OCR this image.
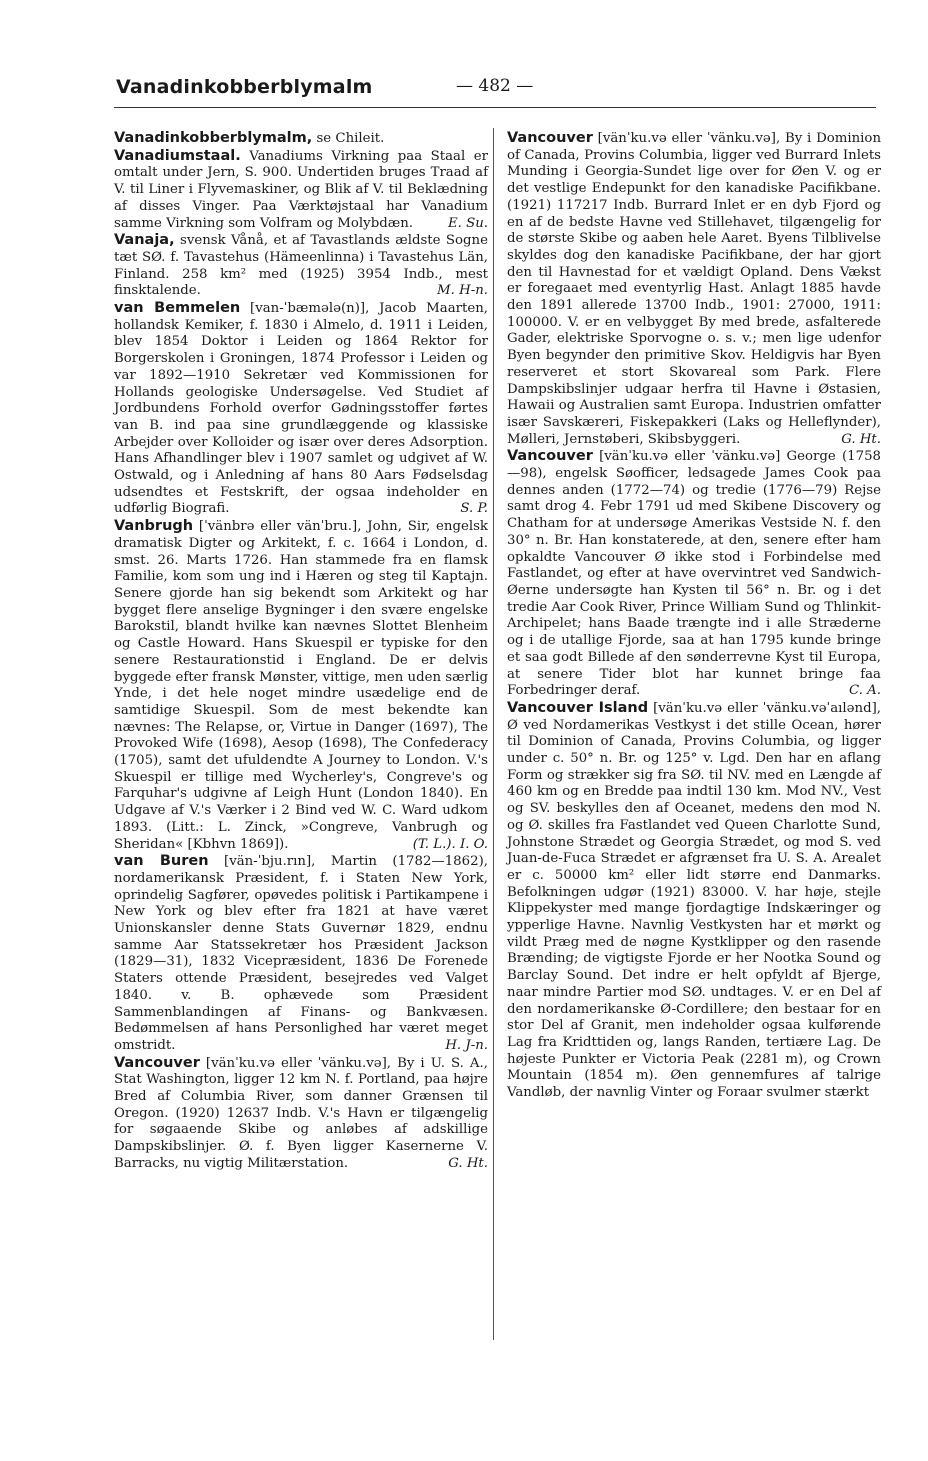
Vanadinkobberblymalm	— 482 —

Vanadinkobberblymalm, se Chileit.

Vanadiumstaal. Vanadiums Virkning paa Staal er omtalt under Jern, S. 900. Undertiden bruges Traad af V. til Liner i Flyvemaskiner, og Blik af V. til Beklædning af disses Vinger. Paa Værktøjstaal har Vanadium samme Virkning som Volfram og Molybdæn.	E. Su.

Vanaja, svensk Vånå, et af Tavastlands ældste Sogne tæt SØ. f. Tavastehus (Hämeenlinna) i Tavastehus Län, Finland. 258 km² med (1925) 3954 Indb., mest finsktalende.	M. H-n.

van Bemmelen [van-ˈbæmələ(n)], Jacob Maarten, hollandsk Kemiker, f. 1830 i Almelo, d. 1911 i Leiden, blev 1854 Doktor i Leiden og 1864 Rektor for Borgerskolen i Groningen, 1874 Professor i Leiden og var 1892—1910 Sekretær ved Kommissionen for Hollands geologiske Undersøgelse. Ved Studiet af Jordbundens Forhold overfor Gødningsstoffer førtes van B. ind paa sine grundlæggende og klassiske Arbejder over Kolloider og især over deres Adsorption. Hans Afhandlinger blev i 1907 samlet og udgivet af W. Ostwald, og i Anledning af hans 80 Aars Fødselsdag udsendtes et Festskrift, der ogsaa indeholder en udførlig Biografi.	S. P.

Vanbrugh [ˈvänbrə eller vänˈbru.], John, Sir, engelsk dramatisk Digter og Arkitekt, f. c. 1664 i London, d. smst. 26. Marts 1726. Han stammede fra en flamsk Familie, kom som ung ind i Hæren og steg til Kaptajn. Senere gjorde han sig bekendt som Arkitekt og har bygget flere anselige Bygninger i den svære engelske Barokstil, blandt hvilke kan nævnes Slottet Blenheim og Castle Howard. Hans Skuespil er typiske for den senere Restaurationstid i England. De er delvis byggede efter fransk Mønster, vittige, men uden særlig Ynde, i det hele noget mindre usædelige end de samtidige Skuespil. Som de mest bekendte kan nævnes: The Relapse, or, Virtue in Danger (1697), The Provoked Wife (1698), Aesop (1698), The Confederacy (1705), samt det ufuldendte A Journey to London. V.'s Skuespil er tillige med Wycherley's, Congreve's og Farquhar's udgivne af Leigh Hunt (London 1840). En Udgave af V.'s Værker i 2 Bind ved W. C. Ward udkom 1893. (Litt.: L. Zinck, »Congreve, Vanbrugh og Sheridan« [Kbhvn 1869]).	(T. L.). I. O.

van Buren [vän-ˈbju.rın], Martin (1782—1862), nordamerikansk Præsident, f. i Staten New York, oprindelig Sagfører, opøvedes politisk i Partikampene i New York og blev efter fra 1821 at have været Unionskansler denne Stats Guvernør 1829, endnu samme Aar Statssekretær hos Præsident Jackson (1829—31), 1832 Vicepræsident, 1836 De Forenede Staters ottende Præsident, besejredes ved Valget 1840. v. B. ophævede som Præsident Sammenblandingen af Finans- og Bankvæsen. Bedømmelsen af hans Personlighed har været meget omstridt.	H. J-n.

Vancouver [vänˈku.və eller ˈvänku.və], By i U. S. A., Stat Washington, ligger 12 km N. f. Portland, paa højre Bred af Columbia River, som danner Grænsen til Oregon. (1920) 12637 Indb. V.'s Havn er tilgængelig for søgaaende Skibe og anløbes af adskillige Dampskibslinjer. Ø. f. Byen ligger Kasernerne V. Barracks, nu vigtig Militærstation.	G. Ht.

Vancouver [vänˈku.və eller ˈvänku.və], By i Dominion of Canada, Provins Columbia, ligger ved Burrard Inlets Munding i Georgia-Sundet lige over for Øen V. og er det vestlige Endepunkt for den kanadiske Pacifikbane. (1921) 117217 Indb. Burrard Inlet er en dyb Fjord og en af de bedste Havne ved Stillehavet, tilgængelig for de største Skibe og aaben hele Aaret. Byens Tilblivelse skyldes dog den kanadiske Pacifikbane, der har gjort den til Havnestad for et vældigt Opland. Dens Vækst er foregaaet med eventyrlig Hast. Anlagt 1885 havde den 1891 allerede 13700 Indb., 1901: 27000, 1911: 100000. V. er en velbygget By med brede, asfalterede Gader, elektriske Sporvogne o. s. v.; men lige udenfor Byen begynder den primitive Skov. Heldigvis har Byen reserveret et stort Skovareal som Park. Flere Dampskibslinjer udgaar herfra til Havne i Østasien, Hawaii og Australien samt Europa. Industrien omfatter især Savskæreri, Fiskepakkeri (Laks og Helleflynder), Mølleri, Jernstøberi, Skibsbyggeri.	G. Ht.

Vancouver [vänˈku.və eller ˈvänku.və] George (1758—98), engelsk Søofficer, ledsagede James Cook paa dennes anden (1772—74) og tredie (1776—79) Rejse samt drog 4. Febr 1791 ud med Skibene Discovery og Chatham for at undersøge Amerikas Vestside N. f. den 30° n. Br. Han konstaterede, at den, senere efter ham opkaldte Vancouver Ø ikke stod i Forbindelse med Fastlandet, og efter at have overvintret ved Sandwich-Øerne undersøgte han Kysten til 56° n. Br. og i det tredie Aar Cook River, Prince William Sund og Thlinkit-Archipelet; hans Baade trængte ind i alle Stræderne og i de utallige Fjorde, saa at han 1795 kunde bringe et saa godt Billede af den sønderrevne Kyst til Europa, at senere Tider blot har kunnet bringe faa Forbedringer deraf.	C. A.

Vancouver Island [vänˈku.və eller ˈvänku.vəˈaılənd], Ø ved Nordamerikas Vestkyst i det stille Ocean, hører til Dominion of Canada, Provins Columbia, og ligger under c. 50° n. Br. og 125° v. Lgd. Den har en aflang Form og strækker sig fra SØ. til NV. med en Længde af 460 km og en Bredde paa indtil 130 km. Mod NV., Vest og SV. beskylles den af Oceanet, medens den mod N. og Ø. skilles fra Fastlandet ved Queen Charlotte Sund, Johnstone Strædet og Georgia Strædet, og mod S. ved Juan-de-Fuca Strædet er afgrænset fra U. S. A. Arealet er c. 50000 km² eller lidt større end Danmarks. Befolkningen udgør (1921) 83000. V. har høje, stejle Klippekyster med mange fjordagtige Indskæringer og ypperlige Havne. Navnlig Vestkysten har et mørkt og vildt Præg med de nøgne Kystklipper og den rasende Brænding; de vigtigste Fjorde er her Nootka Sound og Barclay Sound. Det indre er helt opfyldt af Bjerge, naar mindre Partier mod SØ. undtages. V. er en Del af den nordamerikanske Ø-Cordillere; den bestaar for en stor Del af Granit, men indeholder ogsaa kulførende Lag fra Kridttiden og, langs Randen, tertiære Lag. De højeste Punkter er Victoria Peak (2281 m), og Crown Mountain (1854 m). Øen gennemfures af talrige Vandløb, der navnlig Vinter og Foraar svulmer stærkt
